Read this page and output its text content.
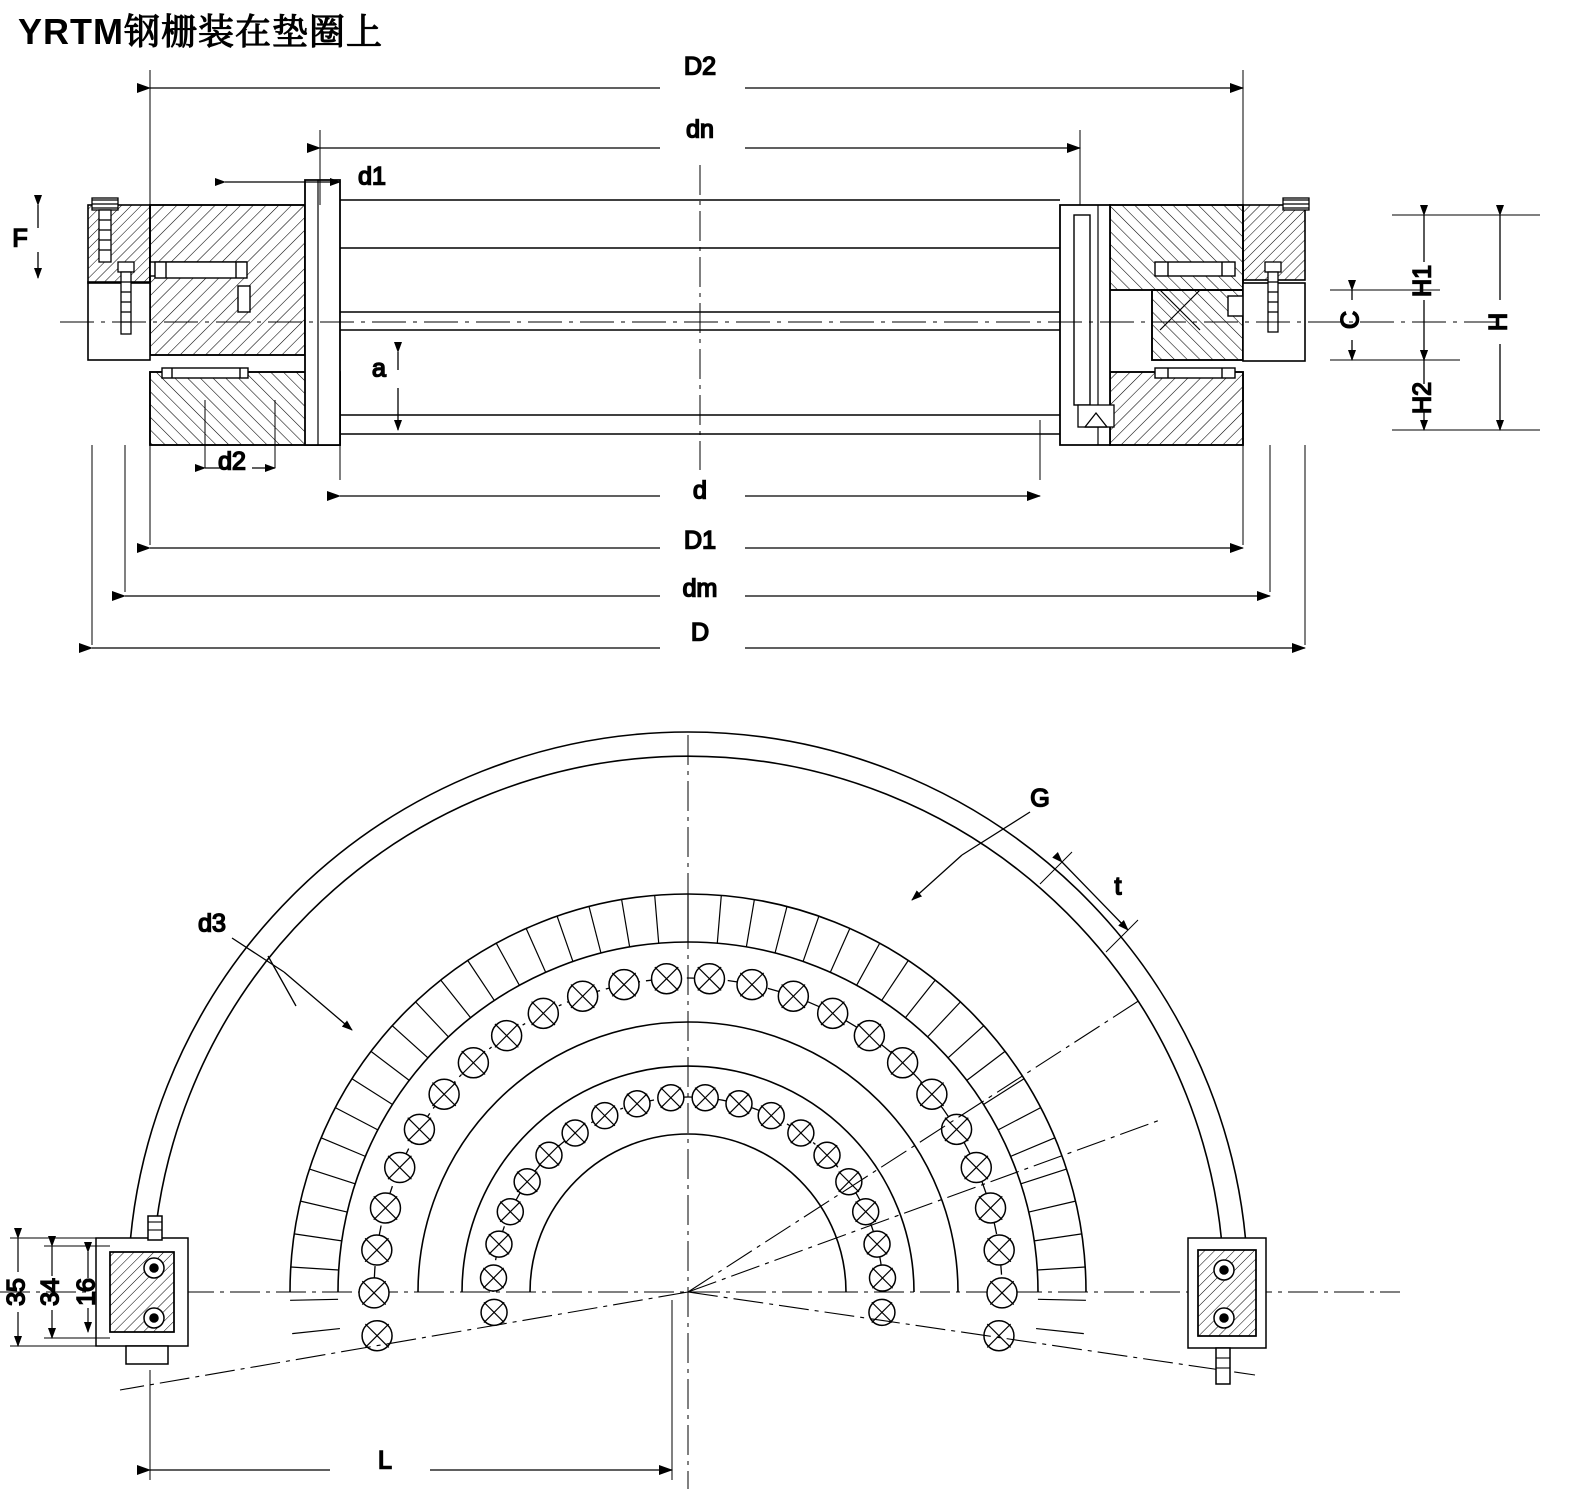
YRTM钢栅装在垫圈上
D2
dn
d1
F
H1
H
C
H2
a
d2
d
D1
dm
D
35 34 16
G
t
d3
L
